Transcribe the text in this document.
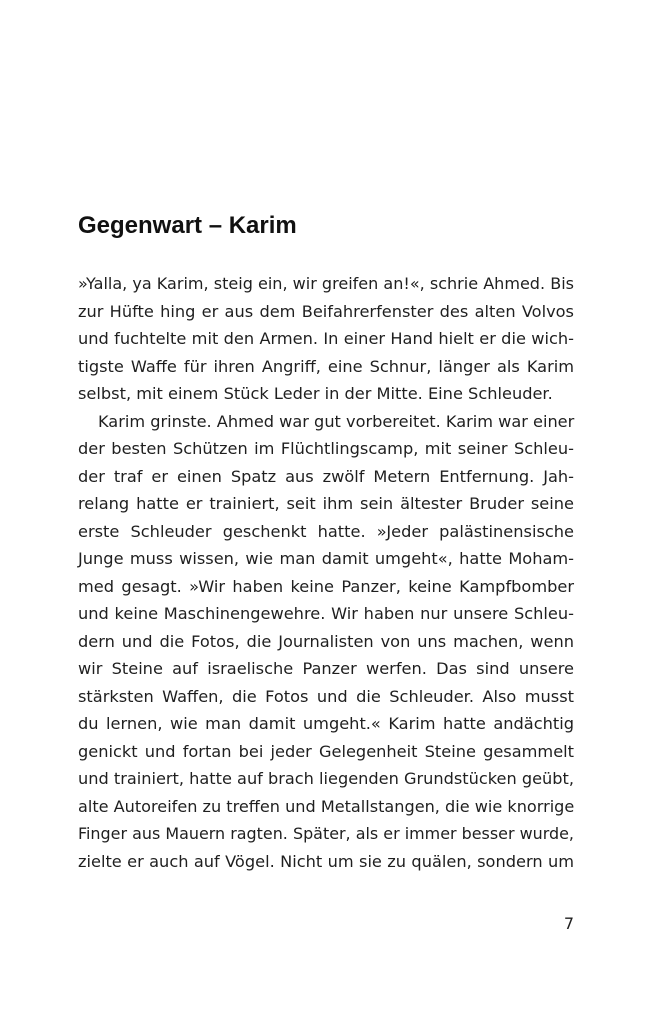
Gegenwart – Karim
»Yalla, ya Karim, steig ein, wir greifen an!«, schrie Ahmed. Bis
zur Hüfte hing er aus dem Beifahrerfenster des alten Volvos
und fuchtelte mit den Armen. In einer Hand hielt er die wich-
tigste Waffe für ihren Angriff, eine Schnur, länger als Karim
selbst, mit einem Stück Leder in der Mitte. Eine Schleuder.
Karim grinste. Ahmed war gut vorbereitet. Karim war einer
der besten Schützen im Flüchtlingscamp, mit seiner Schleu-
der traf er einen Spatz aus zwölf Metern Entfernung. Jah-
relang hatte er trainiert, seit ihm sein ältester Bruder seine
erste Schleuder geschenkt hatte. »Jeder palästinensische
Junge muss wissen, wie man damit umgeht«, hatte Moham-
med gesagt. »Wir haben keine Panzer, keine Kampfbomber
und keine Maschinengewehre. Wir haben nur unsere Schleu-
dern und die Fotos, die Journalisten von uns machen, wenn
wir Steine auf israelische Panzer werfen. Das sind unsere
stärksten Waffen, die Fotos und die Schleuder. Also musst
du lernen, wie man damit umgeht.« Karim hatte andächtig
genickt und fortan bei jeder Gelegenheit Steine gesammelt
und trainiert, hatte auf brach liegenden Grundstücken geübt,
alte Autoreifen zu treffen und Metallstangen, die wie knorrige
Finger aus Mauern ragten. Später, als er immer besser wurde,
zielte er auch auf Vögel. Nicht um sie zu quälen, sondern um
7
